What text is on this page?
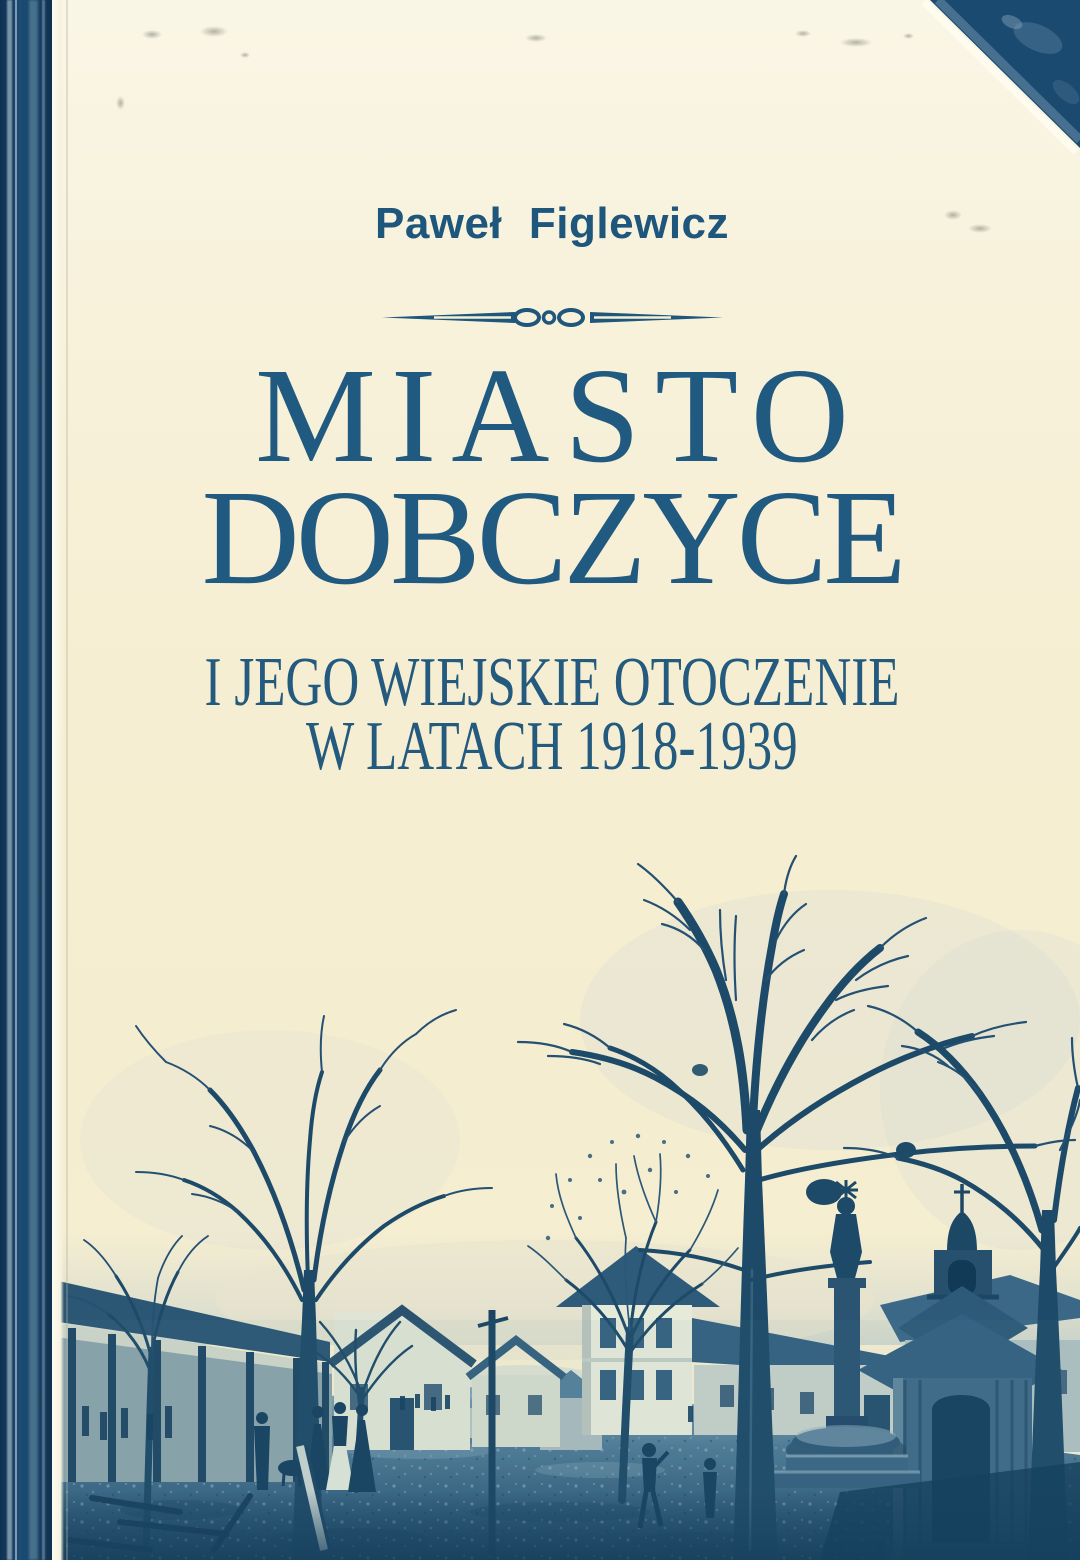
Paweł Figlewicz
MIASTO
DOBCZYCE
I JEGO WIEJSKIE OTOCZENIE
W LATACH 1918-1939
